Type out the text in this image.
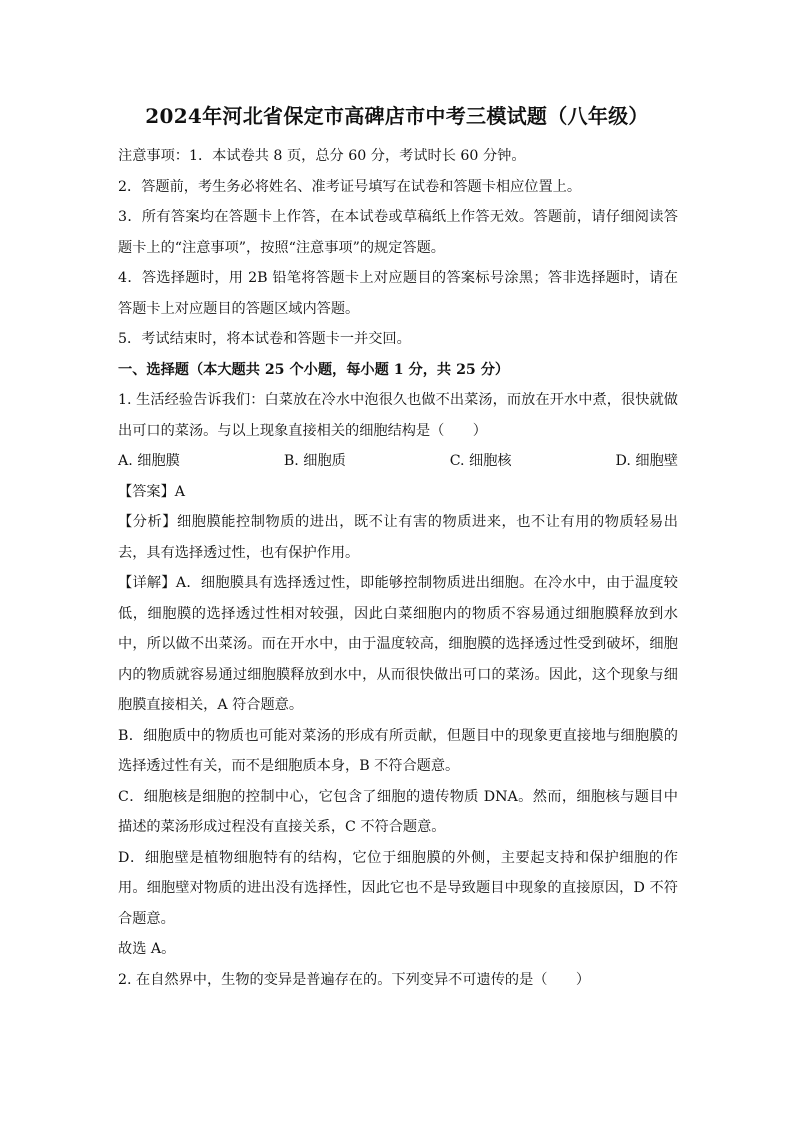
2024年河北省保定市高碑店市中考三模试题（八年级）

注意事项：1．本试卷共 8 页，总分 60 分，考试时长 60 分钟。

2．答题前，考生务必将姓名、准考证号填写在试卷和答题卡相应位置上。

3．所有答案均在答题卡上作答，在本试卷或草稿纸上作答无效。答题前，请仔细阅读答题卡上的“注意事项”，按照“注意事项”的规定答题。

4．答选择题时，用 2B 铅笔将答题卡上对应题目的答案标号涂黑；答非选择题时，请在答题卡上对应题目的答题区域内答题。

5．考试结束时，将本试卷和答题卡一并交回。

一、选择题（本大题共 25 个小题，每小题 1 分，共 25 分）

1. 生活经验告诉我们：白菜放在冷水中泡很久也做不出菜汤，而放在开水中煮，很快就做出可口的菜汤。与以上现象直接相关的细胞结构是（　　）

A. 细胞膜	B. 细胞质	C. 细胞核	D. 细胞壁

【答案】A

【分析】细胞膜能控制物质的进出，既不让有害的物质进来，也不让有用的物质轻易出去，具有选择透过性，也有保护作用。

【详解】A．细胞膜具有选择透过性，即能够控制物质进出细胞。在冷水中，由于温度较低，细胞膜的选择透过性相对较强，因此白菜细胞内的物质不容易通过细胞膜释放到水中，所以做不出菜汤。而在开水中，由于温度较高，细胞膜的选择透过性受到破坏，细胞内的物质就容易通过细胞膜释放到水中，从而很快做出可口的菜汤。因此，这个现象与细胞膜直接相关，A 符合题意。

B．细胞质中的物质也可能对菜汤的形成有所贡献，但题目中的现象更直接地与细胞膜的选择透过性有关，而不是细胞质本身，B 不符合题意。

C．细胞核是细胞的控制中心，它包含了细胞的遗传物质 DNA。然而，细胞核与题目中描述的菜汤形成过程没有直接关系，C 不符合题意。

D．细胞壁是植物细胞特有的结构，它位于细胞膜的外侧，主要起支持和保护细胞的作用。细胞壁对物质的进出没有选择性，因此它也不是导致题目中现象的直接原因，D 不符合题意。

故选 A。

2. 在自然界中，生物的变异是普遍存在的。下列变异不可遗传的是（　　）
